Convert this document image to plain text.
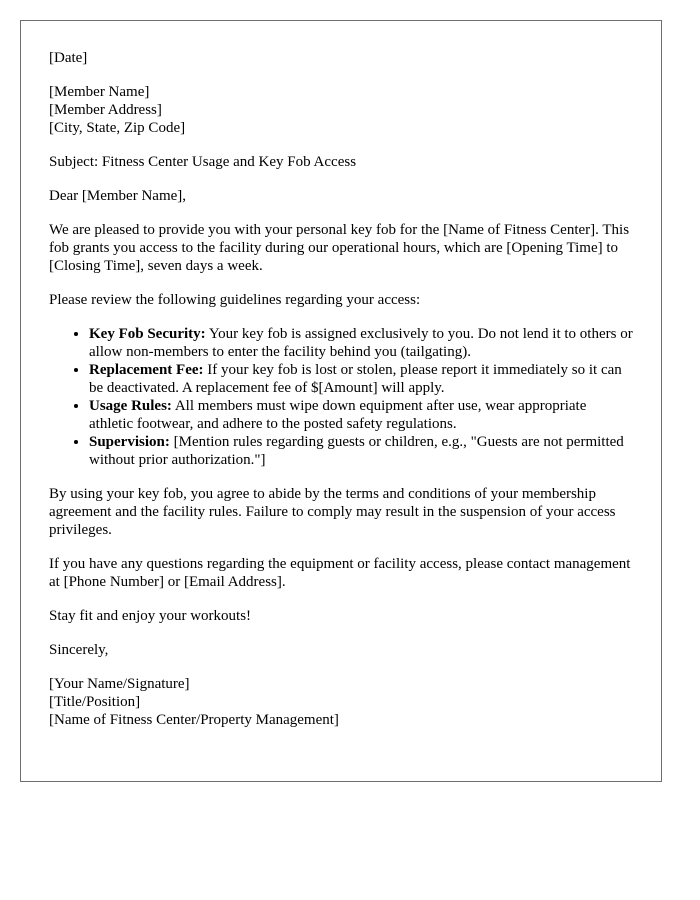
[Date]

[Member Name]
[Member Address]
[City, State, Zip Code]

Subject: Fitness Center Usage and Key Fob Access

Dear [Member Name],

We are pleased to provide you with your personal key fob for the [Name of Fitness Center]. This fob grants you access to the facility during our operational hours, which are [Opening Time] to [Closing Time], seven days a week.

Please review the following guidelines regarding your access:

• Key Fob Security: Your key fob is assigned exclusively to you. Do not lend it to others or allow non-members to enter the facility behind you (tailgating).
• Replacement Fee: If your key fob is lost or stolen, please report it immediately so it can be deactivated. A replacement fee of $[Amount] will apply.
• Usage Rules: All members must wipe down equipment after use, wear appropriate athletic footwear, and adhere to the posted safety regulations.
• Supervision: [Mention rules regarding guests or children, e.g., "Guests are not permitted without prior authorization."]

By using your key fob, you agree to abide by the terms and conditions of your membership agreement and the facility rules. Failure to comply may result in the suspension of your access privileges.

If you have any questions regarding the equipment or facility access, please contact management at [Phone Number] or [Email Address].

Stay fit and enjoy your workouts!

Sincerely,

[Your Name/Signature]
[Title/Position]
[Name of Fitness Center/Property Management]
